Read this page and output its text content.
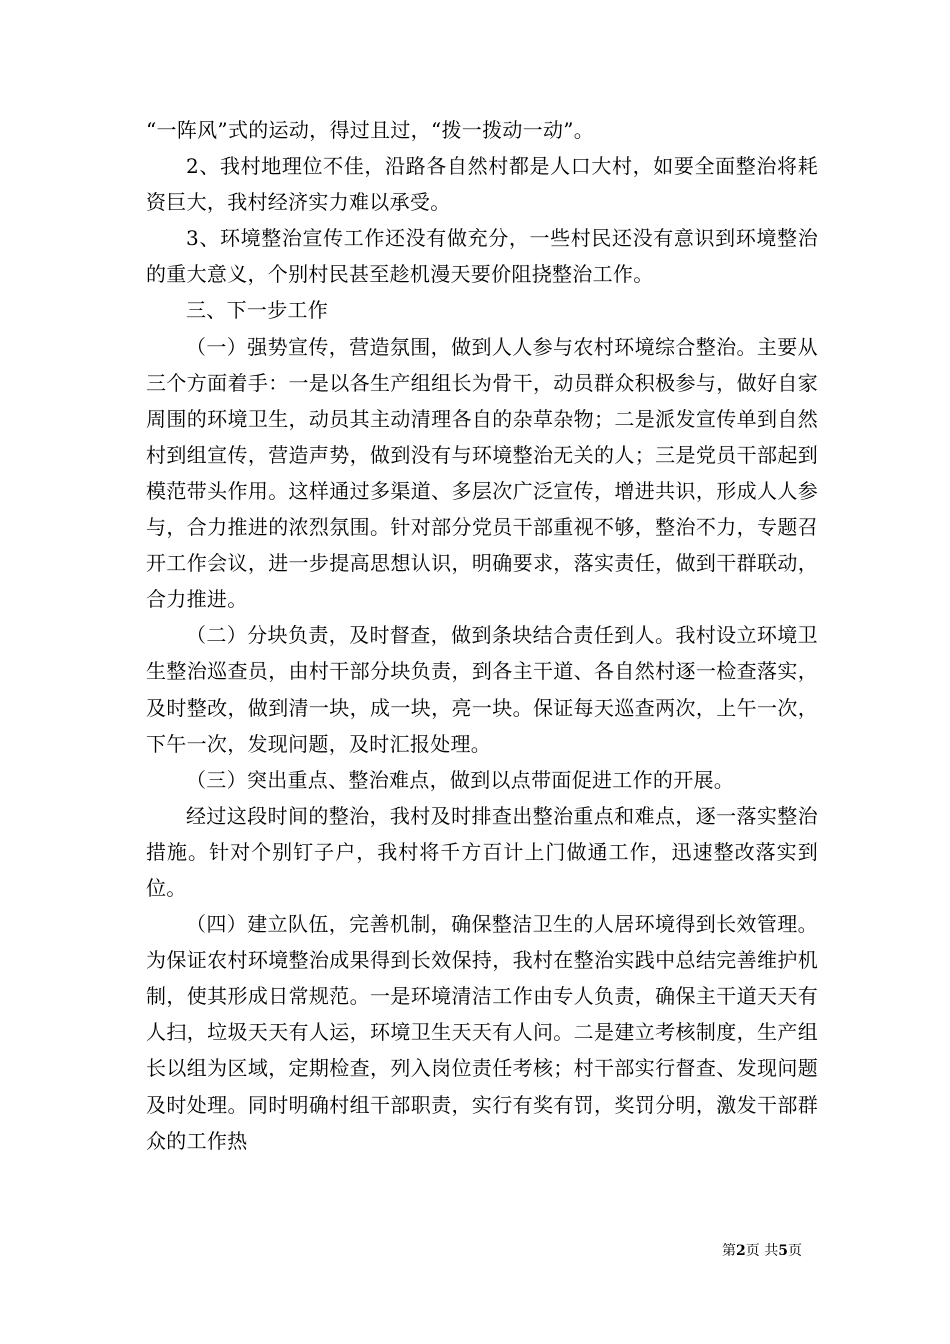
“一阵风”式的运动，得过且过，“拨一拨动一动”。

2、我村地理位不佳，沿路各自然村都是人口大村，如要全面整治将耗资巨大，我村经济实力难以承受。

3、环境整治宣传工作还没有做充分，一些村民还没有意识到环境整治的重大意义，个别村民甚至趁机漫天要价阻挠整治工作。

三、下一步工作

（一）强势宣传，营造氛围，做到人人参与农村环境综合整治。主要从三个方面着手：一是以各生产组组长为骨干，动员群众积极参与，做好自家周围的环境卫生，动员其主动清理各自的杂草杂物；二是派发宣传单到自然村到组宣传，营造声势，做到没有与环境整治无关的人；三是党员干部起到模范带头作用。这样通过多渠道、多层次广泛宣传，增进共识，形成人人参与，合力推进的浓烈氛围。针对部分党员干部重视不够，整治不力，专题召开工作会议，进一步提高思想认识，明确要求，落实责任，做到干群联动，合力推进。

（二）分块负责，及时督查，做到条块结合责任到人。我村设立环境卫生整治巡查员，由村干部分块负责，到各主干道、各自然村逐一检查落实，及时整改，做到清一块，成一块，亮一块。保证每天巡查两次，上午一次，下午一次，发现问题，及时汇报处理。

（三）突出重点、整治难点，做到以点带面促进工作的开展。

经过这段时间的整治，我村及时排查出整治重点和难点，逐一落实整治措施。针对个别钉子户，我村将千方百计上门做通工作，迅速整改落实到位。

（四）建立队伍，完善机制，确保整洁卫生的人居环境得到长效管理。为保证农村环境整治成果得到长效保持，我村在整治实践中总结完善维护机制，使其形成日常规范。一是环境清洁工作由专人负责，确保主干道天天有人扫，垃圾天天有人运，环境卫生天天有人问。二是建立考核制度，生产组长以组为区域，定期检查，列入岗位责任考核；村干部实行督查、发现问题及时处理。同时明确村组干部职责，实行有奖有罚，奖罚分明，激发干部群众的工作热

第2页 共5页
